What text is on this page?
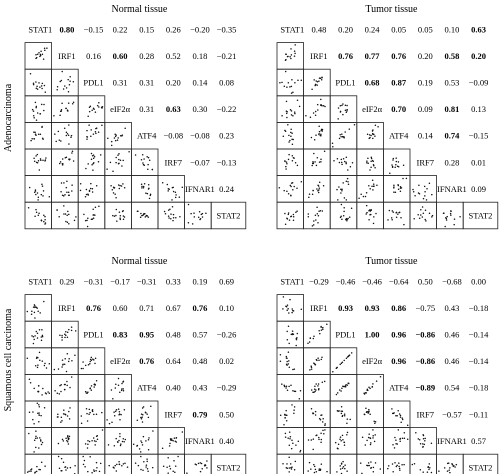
Adenocarcinoma
Squamous cell carcinoma
Normal tissue
STAT1
IRF1
PDL1
eIF2α
ATF4
IRF7
IFNAR1
STAT2
0.80 −0.15 0.22 0.15 0.26 −0.20 −0.35
0.16 0.60 0.28 0.52 0.18 −0.21
0.31 0.31 0.20 0.14 0.08
0.31 0.63 0.30 −0.22
−0.08 −0.08 0.23
−0.07 −0.13
0.24
Tumor tissue
STAT1
IRF1
PDL1
eIF2α
ATF4
IRF7
IFNAR1
STAT2
0.48 0.20 0.24 0.05 0.05 0.10 0.63
0.76 0.77 0.76 0.20 0.58 0.20
0.68 0.87 0.19 0.53 −0.09
0.70 0.09 0.81 0.13
0.14 0.74 −0.15
0.28 0.01
0.09
Normal tissue
STAT1
IRF1
PDL1
eIF2α
ATF4
IRF7
IFNAR1
STAT2
0.29 −0.31 −0.17 −0.31 0.33 0.19 0.69
0.76 0.60 0.71 0.67 0.76 0.10
0.83 0.95 0.48 0.57 −0.26
0.76 0.64 0.48 0.02
0.40 0.43 −0.29
0.79 0.50
0.40
Tumor tissue
STAT1
IRF1
PDL1
eIF2α
ATF4
IRF7
IFNAR1
STAT2
−0.29 −0.46 −0.46 −0.64 0.50 −0.68 0.00
0.93 0.93 0.86 −0.75 0.43 −0.18
1.00 0.96 −0.86 0.46 −0.14
0.96 −0.86 0.46 −0.14
−0.89 0.54 −0.18
−0.57 −0.11
0.57
